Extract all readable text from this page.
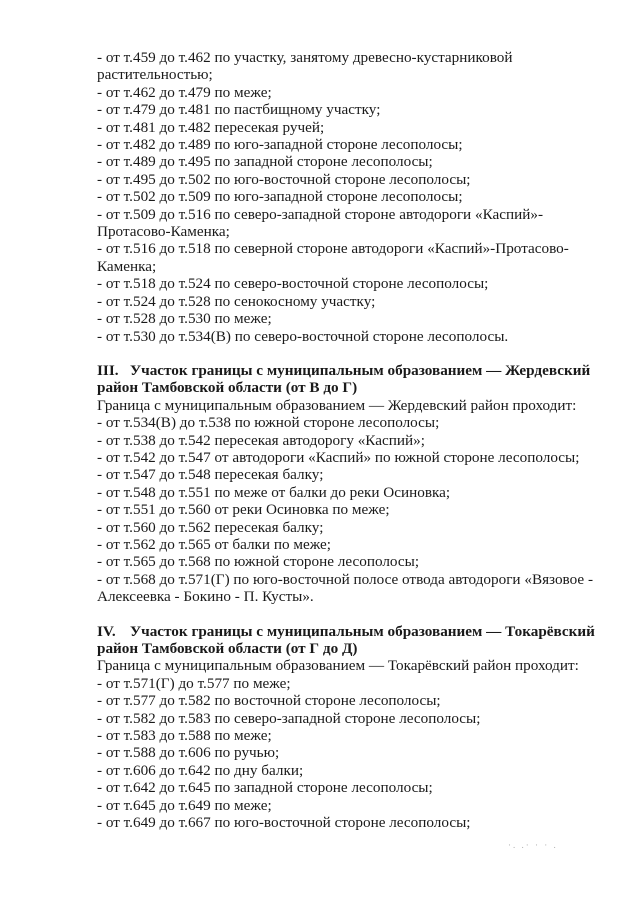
- от т.459 до т.462 по участку, занятому древесно-кустарниковой растительностью;

- от т.462 до т.479 по меже;

- от т.479 до т.481 по пастбищному участку;

- от т.481 до т.482 пересекая ручей;

- от т.482 до т.489 по юго-западной стороне лесополосы;

- от т.489 до т.495 по западной стороне лесополосы;

- от т.495 до т.502 по юго-восточной стороне лесополосы;

- от т.502 до т.509 по юго-западной стороне лесополосы;

- от т.509 до т.516 по северо-западной стороне автодороги «Каспий»-Протасово-Каменка;

- от т.516 до т.518 по северной стороне автодороги «Каспий»-Протасово-Каменка;

- от т.518 до т.524 по северо-восточной стороне лесополосы;

- от т.524 до т.528 по сенокосному участку;

- от т.528 до т.530 по меже;

- от т.530 до т.534(В) по северо-восточной стороне лесополосы.

III. Участок границы с муниципальным образованием — Жердевский район Тамбовской области (от В до Г)

Граница с муниципальным образованием — Жердевский район проходит:

- от т.534(В) до т.538 по южной стороне лесополосы;

- от т.538 до т.542 пересекая автодорогу «Каспий»;

- от т.542 до т.547 от автодороги «Каспий» по южной стороне лесополосы;

- от т.547 до т.548 пересекая балку;

- от т.548 до т.551 по меже от балки до реки Осиновка;

- от т.551 до т.560 от реки Осиновка по меже;

- от т.560 до т.562 пересекая балку;

- от т.562 до т.565 от балки по меже;

- от т.565 до т.568 по южной стороне лесополосы;

- от т.568 до т.571(Г) по юго-восточной полосе отвода автодороги «Вязовое - Алексеевка - Бокино - П. Кусты».

IV. Участок границы с муниципальным образованием — Токарёвский район Тамбовской области (от Г до Д)

Граница с муниципальным образованием — Токарёвский район проходит:

- от т.571(Г) до т.577 по меже;

- от т.577 до т.582 по восточной стороне лесополосы;

- от т.582 до т.583 по северо-западной стороне лесополосы;

- от т.583 до т.588 по меже;

- от т.588 до т.606 по ручью;

- от т.606 до т.642 по дну балки;

- от т.642 до т.645 по западной стороне лесополосы;

- от т.645 до т.649 по меже;

- от т.649 до т.667 по юго-восточной стороне лесополосы;

·. .· · · .
